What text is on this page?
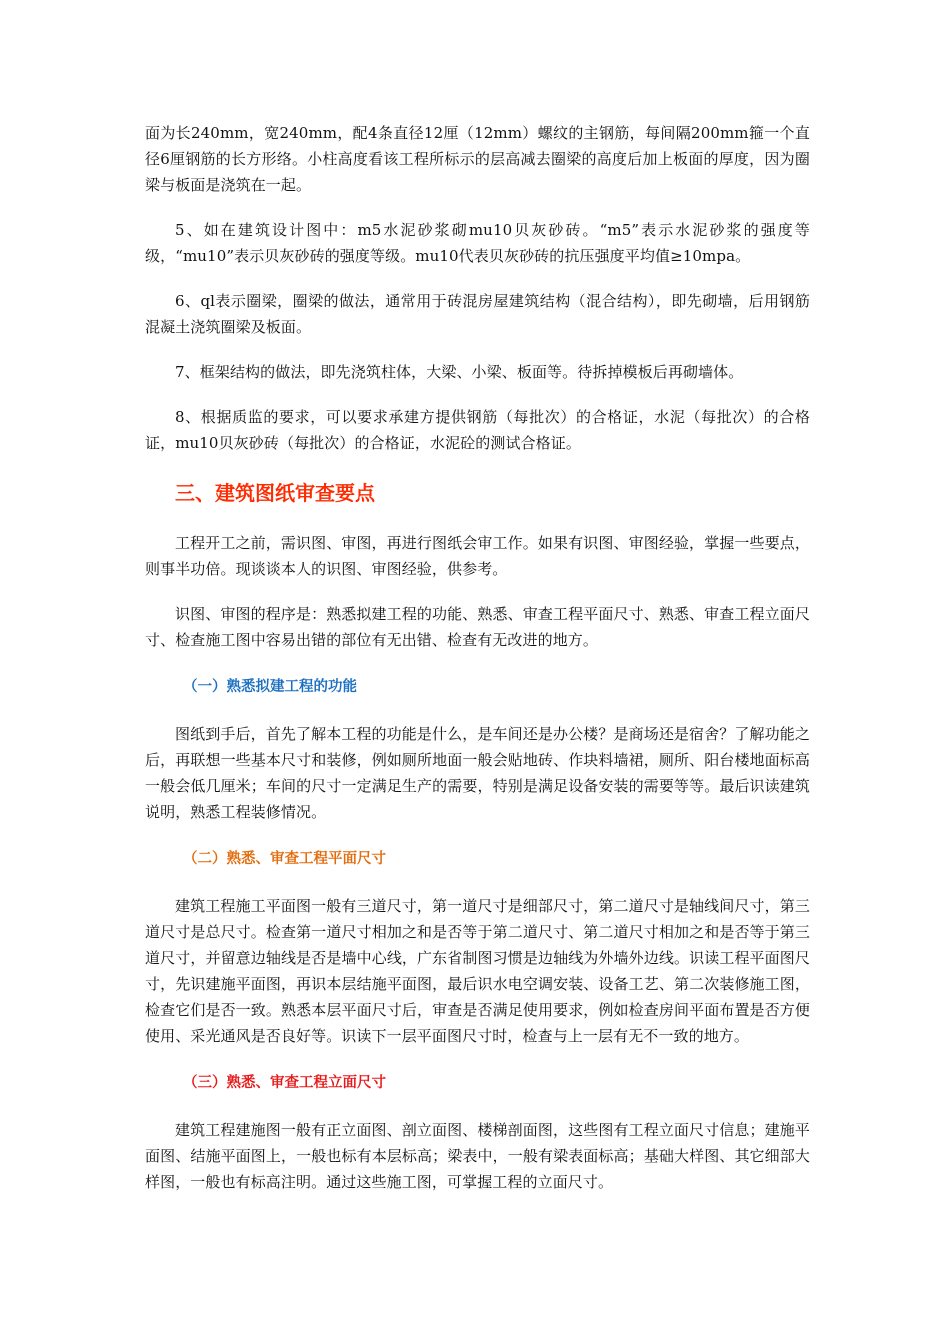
面为长240mm，宽240mm，配4条直径12厘（12mm）螺纹的主钢筋，每间隔200mm箍一个直径6厘钢筋的长方形络。小柱高度看该工程所标示的层高减去圈梁的高度后加上板面的厚度，因为圈梁与板面是浇筑在一起。

5、如在建筑设计图中：m5水泥砂浆砌mu10贝灰砂砖。“m5”表示水泥砂浆的强度等级，“mu10”表示贝灰砂砖的强度等级。mu10代表贝灰砂砖的抗压强度平均值≥10mpa。

6、ql表示圈梁，圈梁的做法，通常用于砖混房屋建筑结构（混合结构），即先砌墙，后用钢筋混凝土浇筑圈梁及板面。

7、框架结构的做法，即先浇筑柱体，大梁、小梁、板面等。待拆掉模板后再砌墙体。

8、根据质监的要求，可以要求承建方提供钢筋（每批次）的合格证，水泥（每批次）的合格证，mu10贝灰砂砖（每批次）的合格证，水泥砼的测试合格证。

三、建筑图纸审查要点

工程开工之前，需识图、审图，再进行图纸会审工作。如果有识图、审图经验，掌握一些要点，则事半功倍。现谈谈本人的识图、审图经验，供参考。

识图、审图的程序是：熟悉拟建工程的功能、熟悉、审查工程平面尺寸、熟悉、审查工程立面尺寸、检查施工图中容易出错的部位有无出错、检查有无改进的地方。

（一）熟悉拟建工程的功能

图纸到手后，首先了解本工程的功能是什么，是车间还是办公楼？是商场还是宿舍？了解功能之后，再联想一些基本尺寸和装修，例如厕所地面一般会贴地砖、作块料墙裙，厕所、阳台楼地面标高一般会低几厘米；车间的尺寸一定满足生产的需要，特别是满足设备安装的需要等等。最后识读建筑说明，熟悉工程装修情况。

（二）熟悉、审查工程平面尺寸

建筑工程施工平面图一般有三道尺寸，第一道尺寸是细部尺寸，第二道尺寸是轴线间尺寸，第三道尺寸是总尺寸。检查第一道尺寸相加之和是否等于第二道尺寸、第二道尺寸相加之和是否等于第三道尺寸，并留意边轴线是否是墙中心线，广东省制图习惯是边轴线为外墙外边线。识读工程平面图尺寸，先识建施平面图，再识本层结施平面图，最后识水电空调安装、设备工艺、第二次装修施工图，检查它们是否一致。熟悉本层平面尺寸后，审查是否满足使用要求，例如检查房间平面布置是否方便使用、采光通风是否良好等。识读下一层平面图尺寸时，检查与上一层有无不一致的地方。

（三）熟悉、审查工程立面尺寸

建筑工程建施图一般有正立面图、剖立面图、楼梯剖面图，这些图有工程立面尺寸信息；建施平面图、结施平面图上，一般也标有本层标高；梁表中，一般有梁表面标高；基础大样图、其它细部大样图，一般也有标高注明。通过这些施工图，可掌握工程的立面尺寸。
